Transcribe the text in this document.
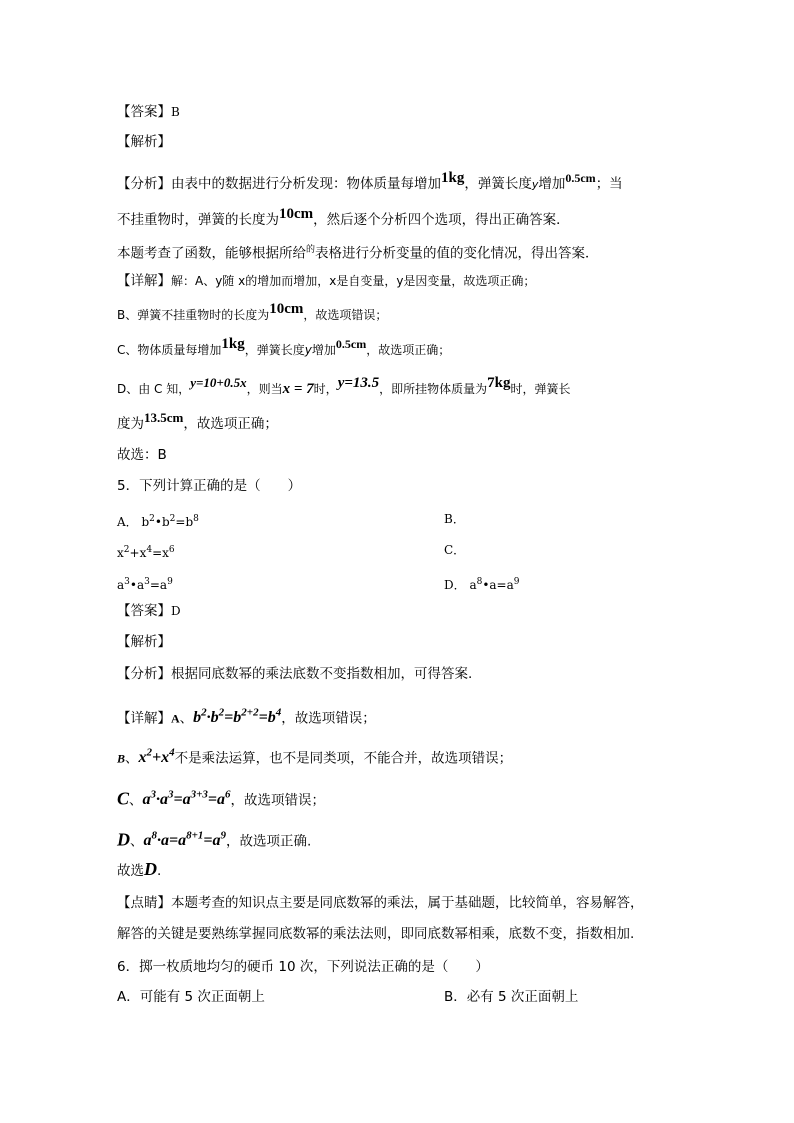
【答案】B
【解析】
【分析】由表中的数据进行分析发现：物体质量每增加1kg，弹簧长度y增加0.5cm；当
不挂重物时，弹簧的长度为10cm，然后逐个分析四个选项，得出正确答案．
本题考查了函数，能够根据所给$^的$表格进行分析变量的值的变化情况，得出答案．
【详解】解：A、y随 x的增加而增加，x是自变量，y是因变量，故选项正确；
B、弹簧不挂重物时的长度为10cm，故选项错误；
C、物体质量每增加1kg，弹簧长度y增加0.5cm，故选项正确；
D、由 C 知，y=10+0.5x，则当x = 7时，y=13.5，即所挂物体质量为7kg时，弹簧长
度为13.5cm，故选项正确；
故选：B
5．下列计算正确的是（　　）
A． $b^2•b^2=b^8$	B．
$x^2+x^4=x^6$	C．
$a^3•a^3=a^9$	D． $a^8•a=a^9$
【答案】D
【解析】
【分析】根据同底数幂的乘法底数不变指数相加，可得答案.
【详解】A、$b^2\cdot b^2=b^{2+2}=b^4$，故选项错误；
B、$x^2+x^4$不是乘法运算，也不是同类项，不能合并，故选项错误；
C、$a^3\cdot a^3=a^{3+3}=a^6$，故选项错误；
D、$a^8\cdot a=a^{8+1}=a^9$，故选项正确.
故选D.
【点睛】本题考查的知识点主要是同底数幂的乘法，属于基础题，比较简单，容易解答，
解答的关键是要熟练掌握同底数幂的乘法法则，即同底数幂相乘，底数不变，指数相加.
6．掷一枚质地均匀的硬币 10 次，下列说法正确的是（　　）
A．可能有 5 次正面朝上	B．必有 5 次正面朝上
